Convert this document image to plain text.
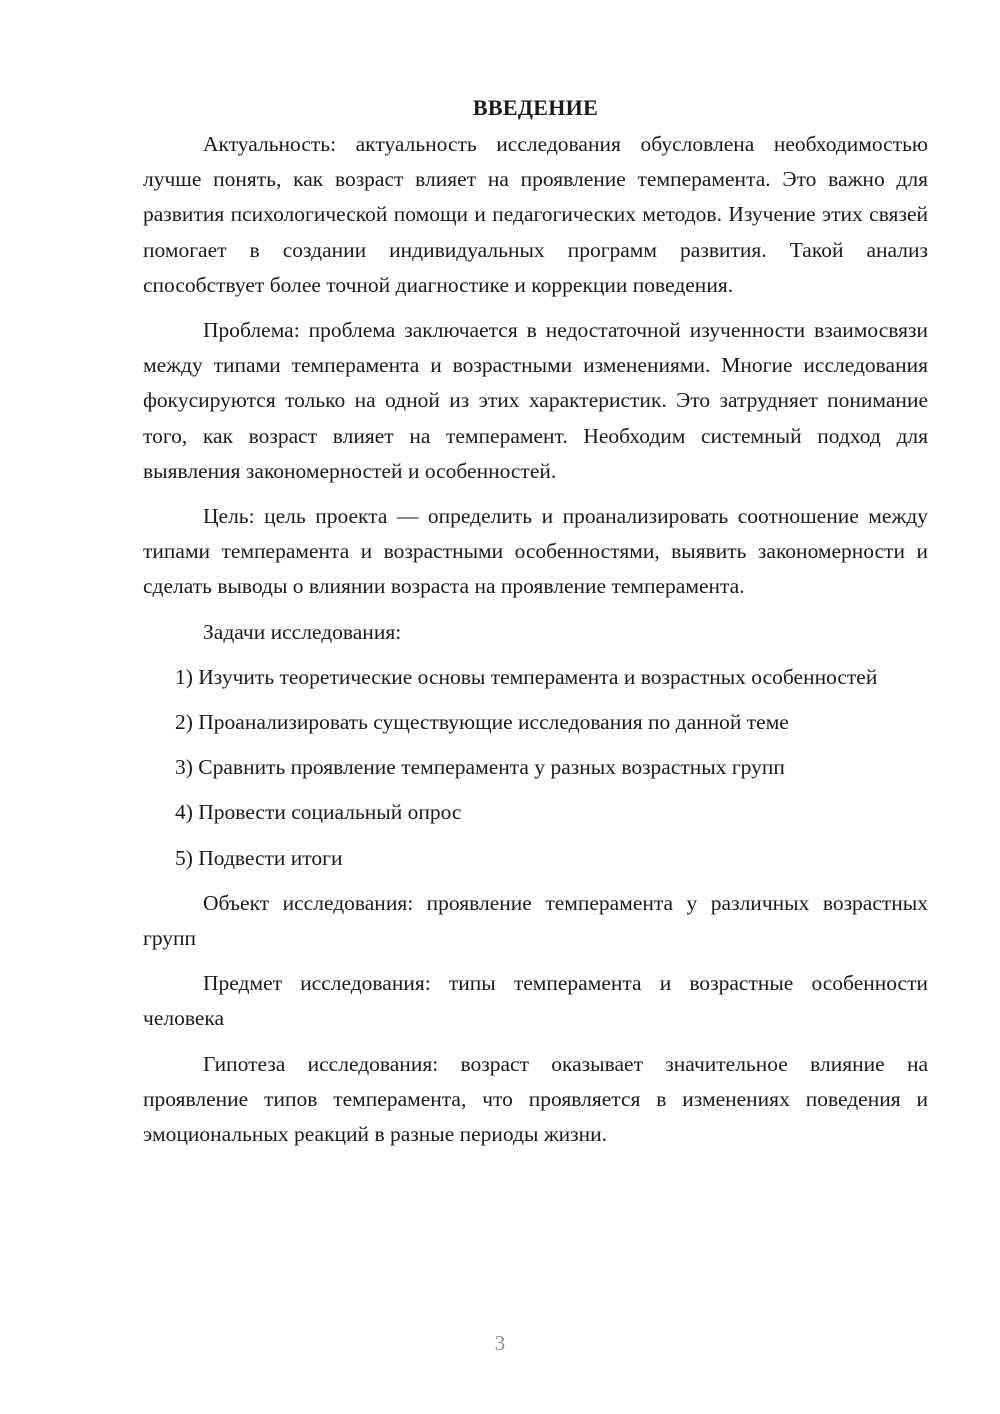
ВВЕДЕНИЕ

Актуальность: актуальность исследования обусловлена необходимостью лучше понять, как возраст влияет на проявление темперамента. Это важно для развития психологической помощи и педагогических методов. Изучение этих связей помогает в создании индивидуальных программ развития. Такой анализ способствует более точной диагностике и коррекции поведения.

Проблема: проблема заключается в недостаточной изученности взаимосвязи между типами темперамента и возрастными изменениями. Многие исследования фокусируются только на одной из этих характеристик. Это затрудняет понимание того, как возраст влияет на темперамент. Необходим системный подход для выявления закономерностей и особенностей.

Цель: цель проекта — определить и проанализировать соотношение между типами темперамента и возрастными особенностями, выявить закономерности и сделать выводы о влиянии возраста на проявление темперамента.

Задачи исследования:

1) Изучить теоретические основы темперамента и возрастных особенностей

2) Проанализировать существующие исследования по данной теме

3) Сравнить проявление темперамента у разных возрастных групп

4) Провести социальный опрос

5) Подвести итоги

Объект исследования: проявление темперамента у различных возрастных групп

Предмет исследования: типы темперамента и возрастные особенности человека

Гипотеза исследования: возраст оказывает значительное влияние на проявление типов темперамента, что проявляется в изменениях поведения и эмоциональных реакций в разные периоды жизни.

3
